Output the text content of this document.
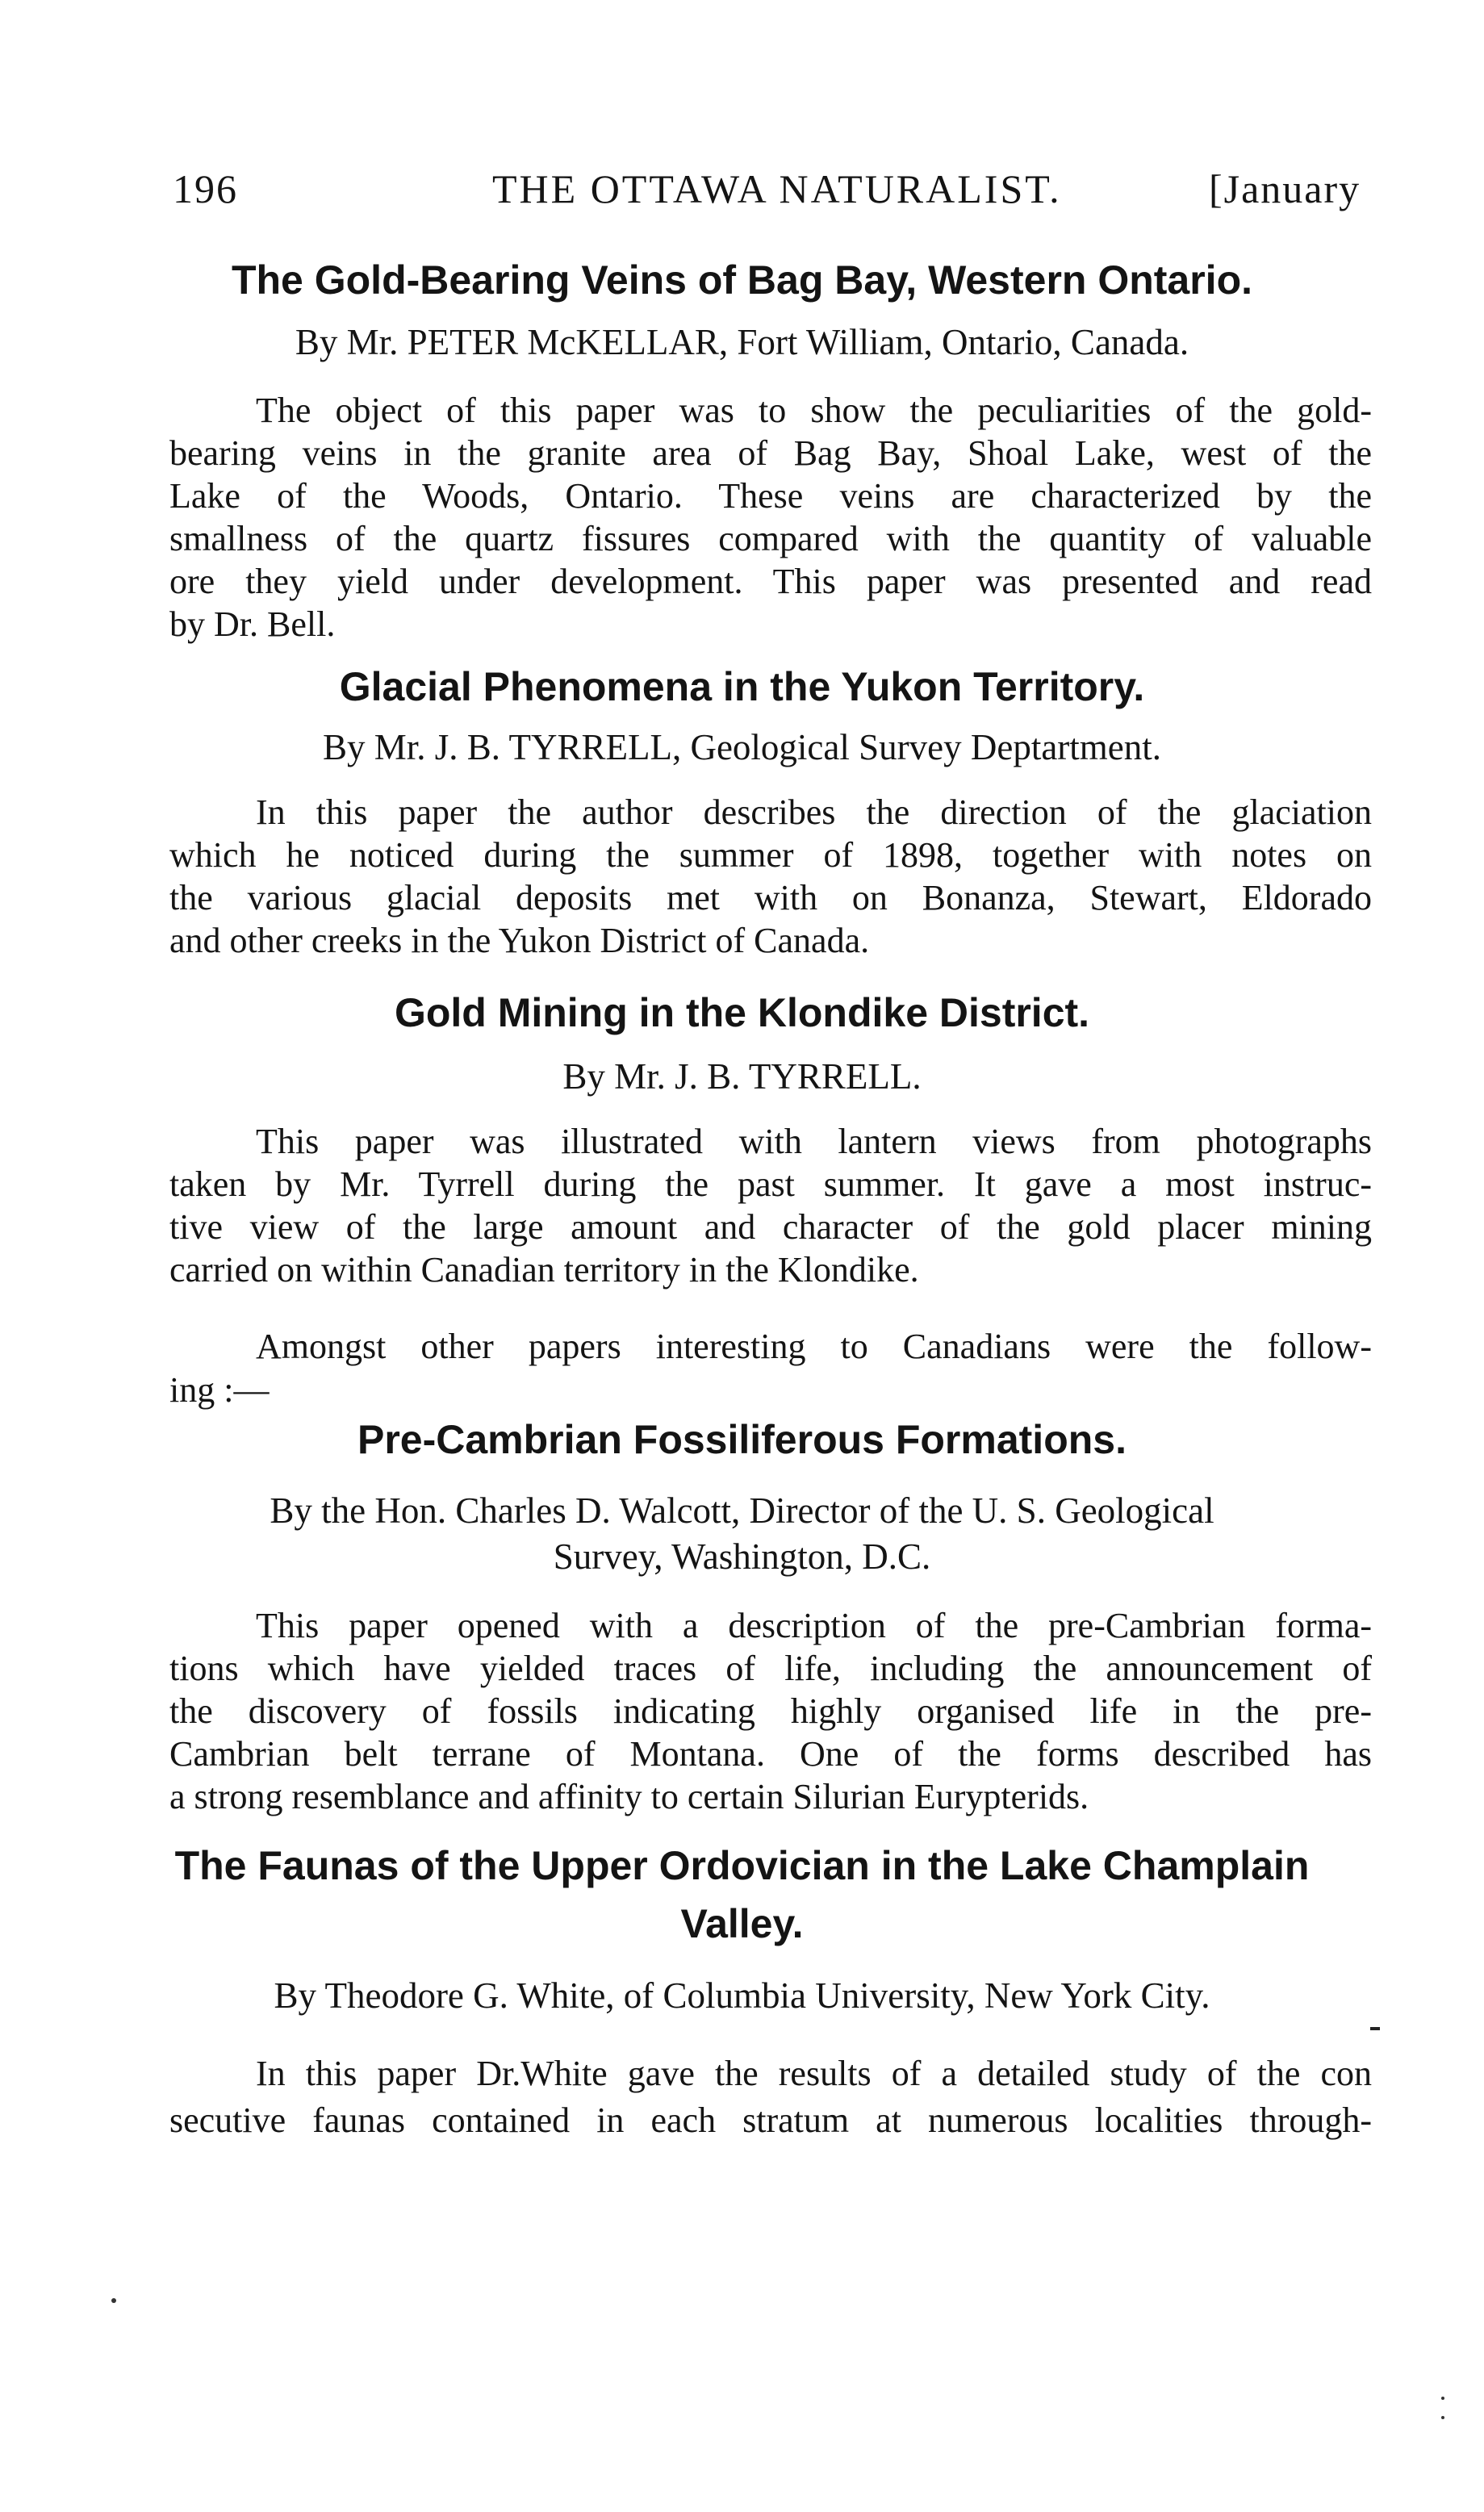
196	THE OTTAWA NATURALIST.	[January
The Gold-Bearing Veins of Bag Bay, Western Ontario.
By Mr. PETER McKELLAR, Fort William, Ontario, Canada.
The object of this paper was to show the peculiarities of the gold-
bearing veins in the granite area of Bag Bay, Shoal Lake, west of the
Lake of the Woods, Ontario. These veins are characterized by the
smallness of the quartz fissures compared with the quantity of valuable
ore they yield under development. This paper was presented and read
by Dr. Bell.
Glacial Phenomena in the Yukon Territory.
By Mr. J. B. TYRRELL, Geological Survey Deptartment.
In this paper the author describes the direction of the glaciation
which he noticed during the summer of 1898, together with notes on
the various glacial deposits met with on Bonanza, Stewart, Eldorado
and other creeks in the Yukon District of Canada.
Gold Mining in the Klondike District.
By Mr. J. B. TYRRELL.
This paper was illustrated with lantern views from photographs
taken by Mr. Tyrrell during the past summer. It gave a most instruc-
tive view of the large amount and character of the gold placer mining
carried on within Canadian territory in the Klondike.
Amongst other papers interesting to Canadians were the follow-
ing :—
Pre-Cambrian Fossiliferous Formations.
By the Hon. Charles D. Walcott, Director of the U. S. Geological
Survey, Washington, D.C.
This paper opened with a description of the pre-Cambrian forma-
tions which have yielded traces of life, including the announcement of
the discovery of fossils indicating highly organised life in the pre-
Cambrian belt terrane of Montana. One of the forms described has
a strong resemblance and affinity to certain Silurian Eurypterids.
The Faunas of the Upper Ordovician in the Lake Champlain
Valley.
By Theodore G. White, of Columbia University, New York City.
In this paper Dr.White gave the results of a detailed study of the con
secutive faunas contained in each stratum at numerous localities through-
